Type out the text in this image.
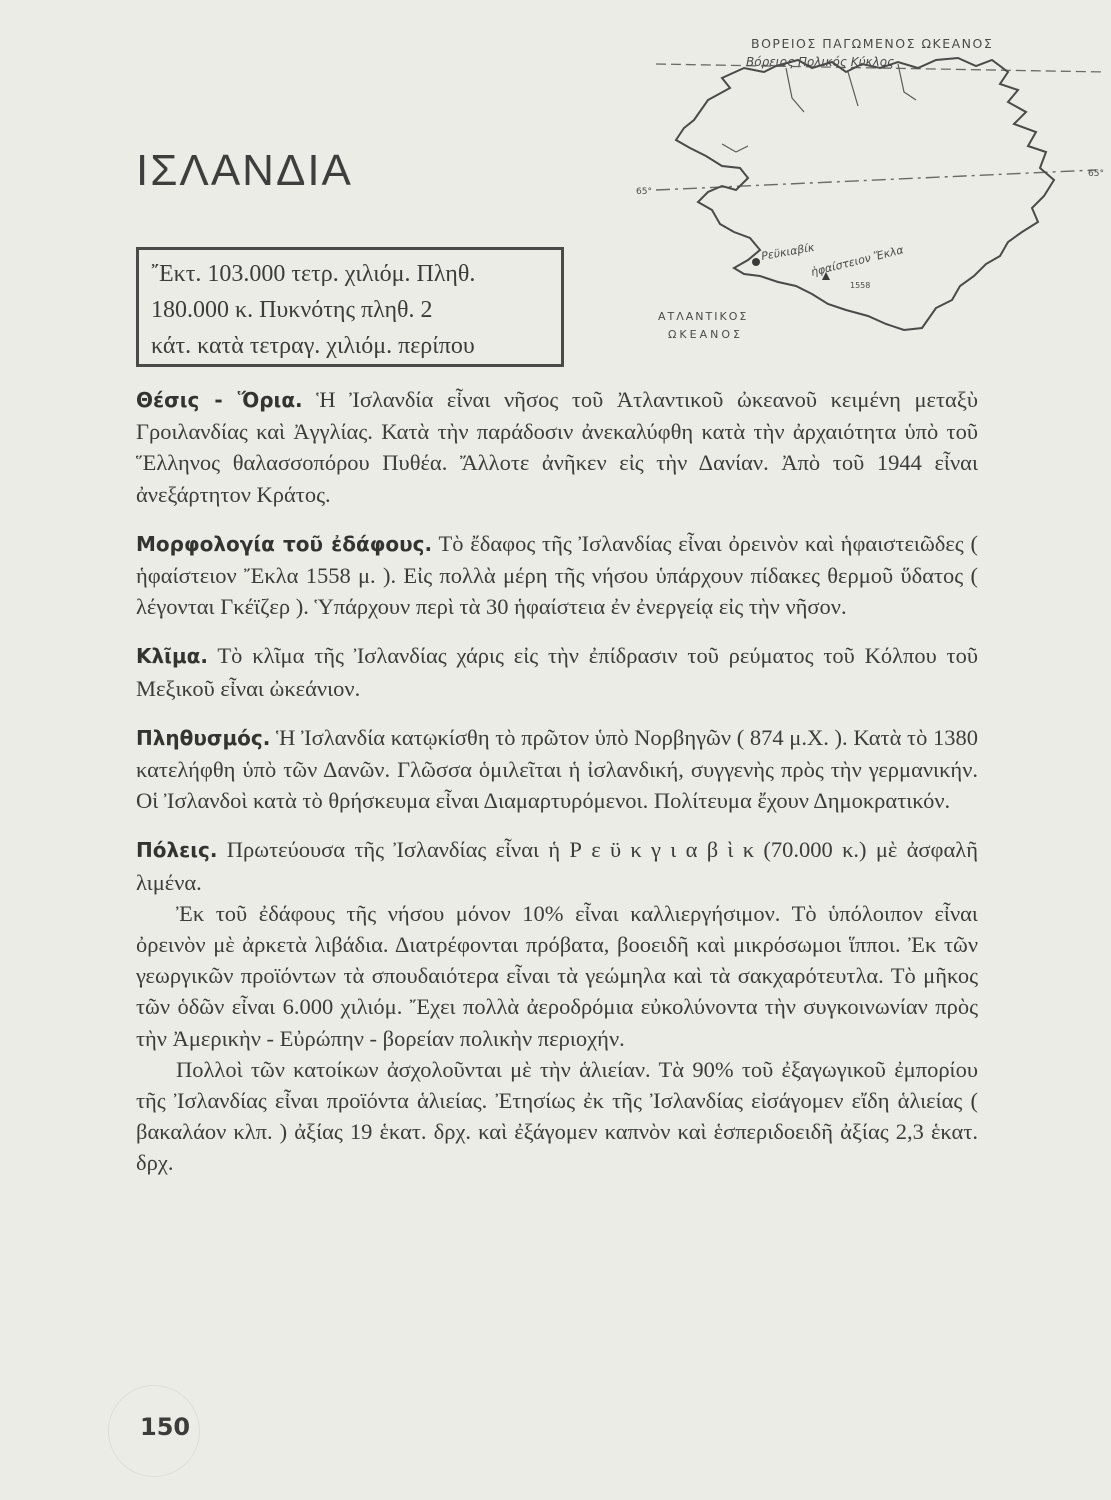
ΙΣΛΑΝΔΙΑ
῎Εκτ. 103.000 τετρ. χιλιόμ. Πληθ.
180.000 κ. Πυκνότης πληθ. 2
κάτ. κατὰ τετραγ. χιλιόμ. περίπου
ΒΟΡΕΙΟΣ ΠΑΓΩΜΕΝΟΣ ΩΚΕΑΝΟΣ
Βόρειος Πολικός Κύκλος
65°
65°
Ρεϋκιαβίκ
ἡφαίστειον Ἔκλα
1558
ΑΤΛΑΝΤΙΚΟΣ
ΩΚΕΑΝΟΣ

Θέσις - Ὅρια. Ἡ Ἰσλανδία εἶναι νῆσος τοῦ Ἀτλαντικοῦ ὠκεανοῦ κειμένη μεταξὺ Γροιλανδίας καὶ Ἀγγλίας. Κατὰ τὴν παράδοσιν ἀνεκαλύφθη κατὰ τὴν ἀρχαιότητα ὑπὸ τοῦ Ἕλληνος θαλασσοπόρου Πυθέα. Ἄλλοτε ἀνῆκεν εἰς τὴν Δανίαν. Ἀπὸ τοῦ 1944 εἶναι ἀνεξάρτητον Κράτος.

Μορφολογία τοῦ ἐδάφους. Τὸ ἔδαφος τῆς Ἰσλανδίας εἶναι ὀρεινὸν καὶ ἡφαιστειῶδες ( ἡφαίστειον Ἔκλα 1558 μ. ). Εἰς πολλὰ μέρη τῆς νήσου ὑπάρχουν πίδακες θερμοῦ ὕδατος ( λέγονται Γκέϊζερ ). Ὑπάρχουν περὶ τὰ 30 ἡφαίστεια ἐν ἐνεργείᾳ εἰς τὴν νῆσον.

Κλῖμα. Τὸ κλῖμα τῆς Ἰσλανδίας χάρις εἰς τὴν ἐπίδρασιν τοῦ ρεύματος τοῦ Κόλπου τοῦ Μεξικοῦ εἶναι ὠκεάνιον.

Πληθυσμός. Ἡ Ἰσλανδία κατῳκίσθη τὸ πρῶτον ὑπὸ Νορβηγῶν ( 874 μ.Χ. ). Κατὰ τὸ 1380 κατελήφθη ὑπὸ τῶν Δανῶν. Γλῶσσα ὁμιλεῖται ἡ ἰσλανδική, συγγενὴς πρὸς τὴν γερμανικήν. Οἱ Ἰσλανδοὶ κατὰ τὸ θρήσκευμα εἶναι Διαμαρτυρόμενοι. Πολίτευμα ἔχουν Δημοκρατικόν.

Πόλεις. Πρωτεύουσα τῆς Ἰσλανδίας εἶναι ἡ Ρ ε ϋ κ γ ι α β ὶ κ (70.000 κ.) μὲ ἀσφαλῆ λιμένα.

Ἐκ τοῦ ἐδάφους τῆς νήσου μόνον 10% εἶναι καλλιεργήσιμον. Τὸ ὑπόλοιπον εἶναι ὀρεινὸν μὲ ἀρκετὰ λιβάδια. Διατρέφονται πρόβατα, βοοειδῆ καὶ μικρόσωμοι ἵπποι. Ἐκ τῶν γεωργικῶν προϊόντων τὰ σπουδαιότερα εἶναι τὰ γεώμηλα καὶ τὰ σακχαρότευτλα. Τὸ μῆκος τῶν ὁδῶν εἶναι 6.000 χιλιόμ. Ἔχει πολλὰ ἀεροδρόμια εὐκολύνοντα τὴν συγκοινωνίαν πρὸς τὴν Ἀμερικὴν - Εὐρώπην - βορείαν πολικὴν περιοχήν.

Πολλοὶ τῶν κατοίκων ἀσχολοῦνται μὲ τὴν ἁλιείαν. Τὰ 90% τοῦ ἐξαγωγικοῦ ἐμπορίου τῆς Ἰσλανδίας εἶναι προϊόντα ἁλιείας. Ἐτησίως ἐκ τῆς Ἰσλανδίας εἰσάγομεν εἴδη ἁλιείας ( βακαλάον κλπ. ) ἀξίας 19 ἑκατ. δρχ. καὶ ἐξάγομεν καπνὸν καὶ ἑσπεριδοειδῆ ἀξίας 2,3 ἑκατ. δρχ.

150
